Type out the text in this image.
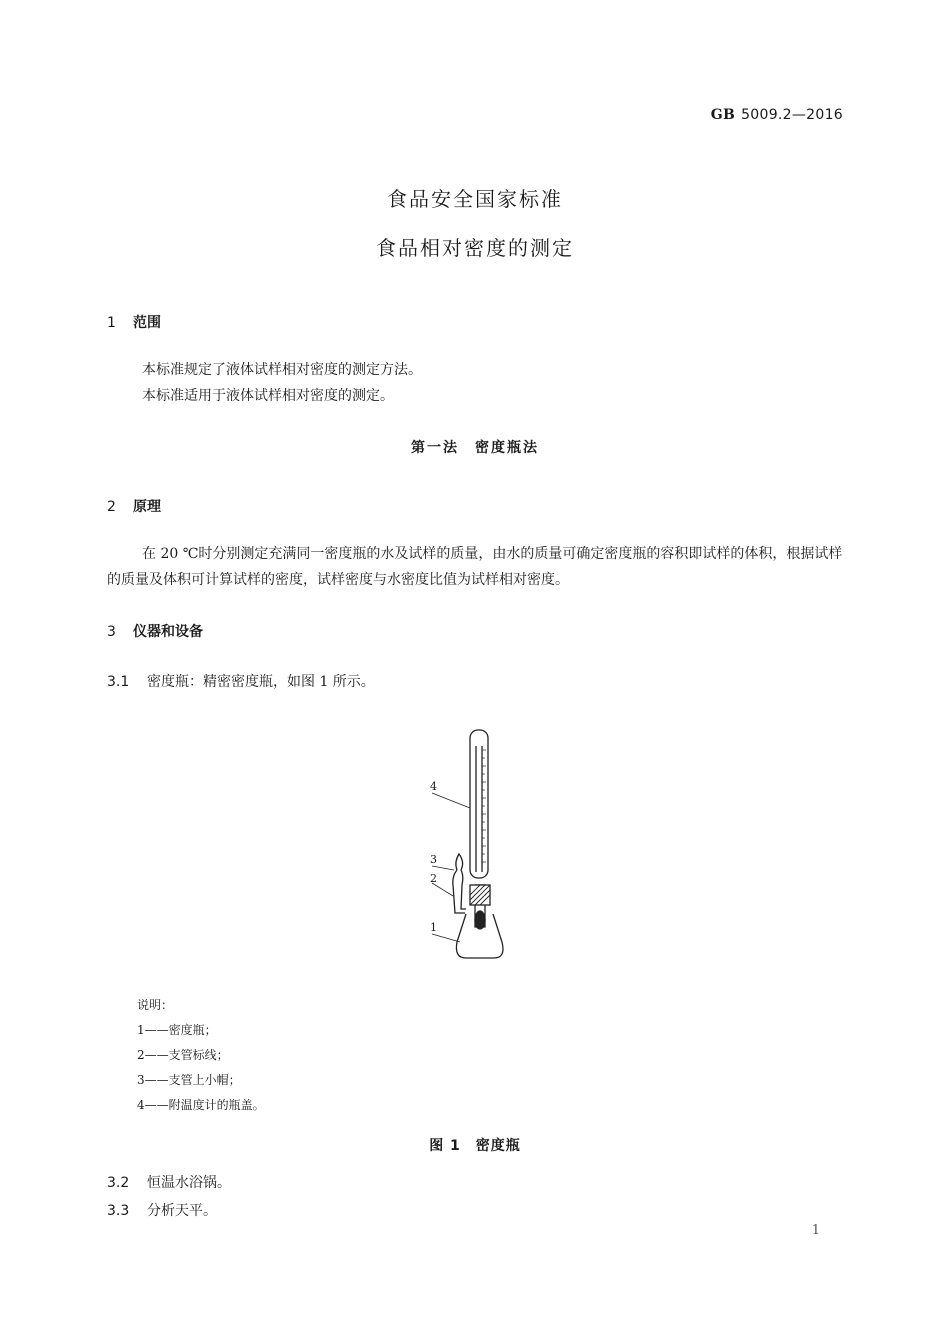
GB 5009.2—2016
食品安全国家标准
食品相对密度的测定
1 范围
本标准规定了液体试样相对密度的测定方法。
本标准适用于液体试样相对密度的测定。
第一法　密度瓶法
2 原理
在 20 ℃时分别测定充满同一密度瓶的水及试样的质量，由水的质量可确定密度瓶的容积即试样的体积，根据试样的质量及体积可计算试样的密度，试样密度与水密度比值为试样相对密度。
3 仪器和设备
3.1 密度瓶：精密密度瓶，如图 1 所示。
4
3
2
1
说明：
1——密度瓶；
2——支管标线；
3——支管上小帽；
4——附温度计的瓶盖。
图 1　密度瓶
3.2 恒温水浴锅。
3.3 分析天平。
1
